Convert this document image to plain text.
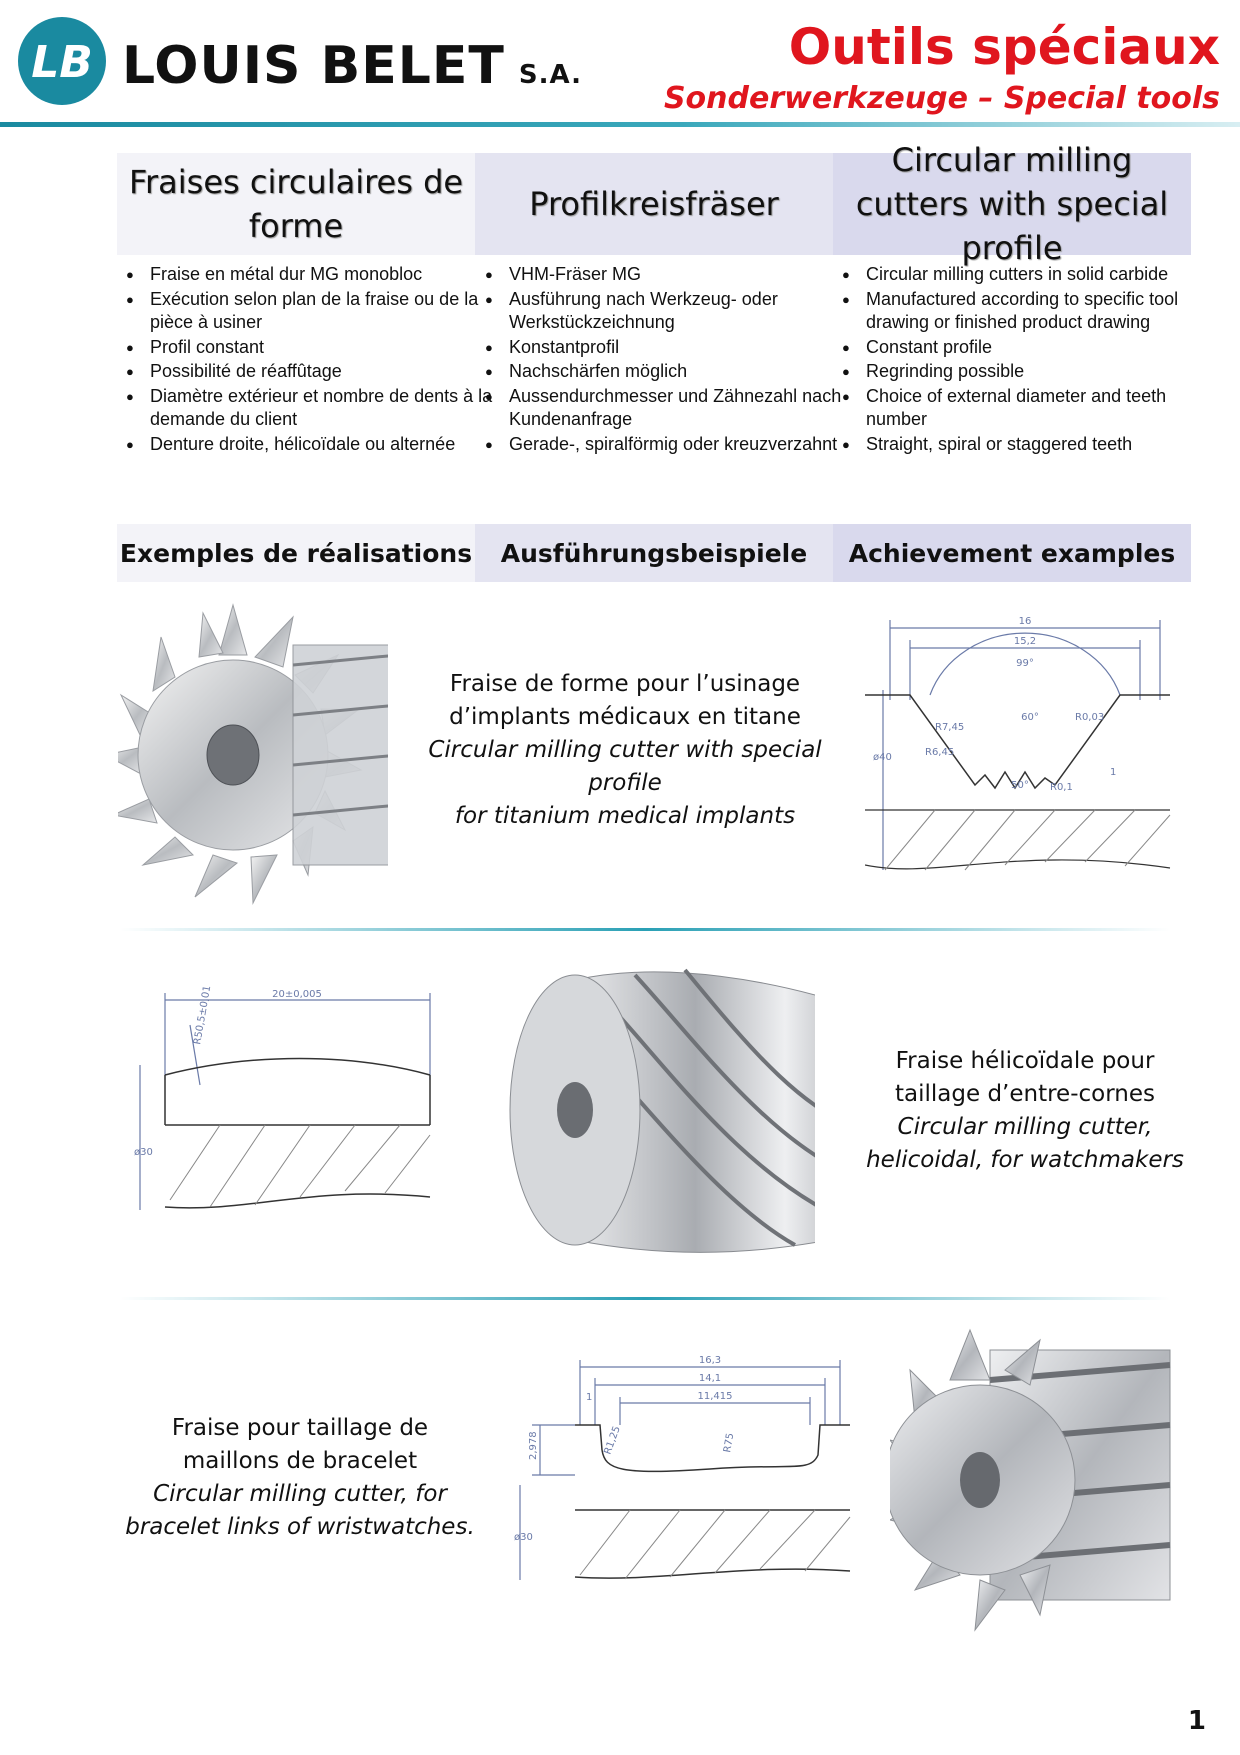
LB LOUIS BELET S.A.	Outils spéciaux
Sonderwerkzeuge – Special tools
Fraises circulaires de forme
Profilkreisfräser
Circular milling cutters with special profile
● Fraise en métal dur MG monobloc
● Exécution selon plan de la fraise ou de la pièce à usiner
● Profil constant
● Possibilité de réaffûtage
● Diamètre extérieur et nombre de dents à la demande du client
● Denture droite, hélicoïdale ou alternée
● VHM-Fräser MG
● Ausführung nach Werkzeug- oder Werkstückzeichnung
● Konstantprofil
● Nachschärfen möglich
● Aussendurchmesser und Zähnezahl nach Kundenanfrage
● Gerade-, spiralförmig oder kreuzverzahnt
● Circular milling cutters in solid carbide
● Manufactured according to specific tool drawing or finished product drawing
● Constant profile
● Regrinding possible
● Choice of external diameter and teeth number
● Straight, spiral or staggered teeth
Exemples de réalisations	Ausführungsbeispiele	Achievement examples
Fraise de forme pour l’usinage
d’implants médicaux en titane
Circular milling cutter with special profile
for titanium medical implants
16
15,2
99°
60°
50°
R7,45
R6,45
R0,03
R0,1
ø40
1
20±0,005
R50,5±0,01
ø30
Fraise hélicoïdale pour
taillage d’entre-cornes
Circular milling cutter,
helicoidal, for watchmakers
Fraise pour taillage de
maillons de bracelet
Circular milling cutter, for
bracelet links of wristwatches.
16,3
14,1
11,415
1
2,978	R1,25	R75
ø30
1
